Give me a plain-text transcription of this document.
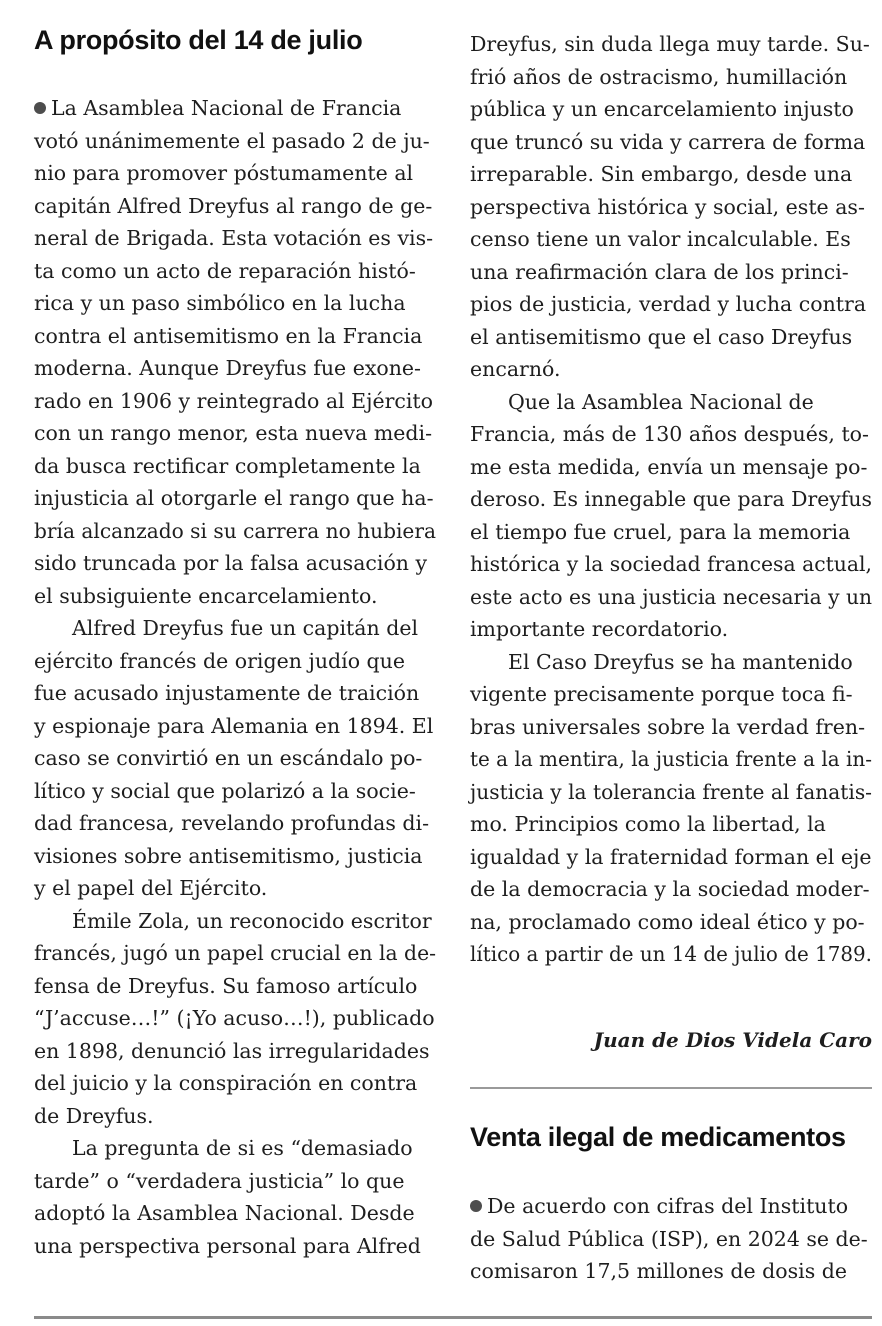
A propósito del 14 de julio
La Asamblea Nacional de Francia
votó unánimemente el pasado 2 de ju-
nio para promover póstumamente al
capitán Alfred Dreyfus al rango de ge-
neral de Brigada. Esta votación es vis-
ta como un acto de reparación histó-
rica y un paso simbólico en la lucha
contra el antisemitismo en la Francia
moderna. Aunque Dreyfus fue exone-
rado en 1906 y reintegrado al Ejército
con un rango menor, esta nueva medi-
da busca rectificar completamente la
injusticia al otorgarle el rango que ha-
bría alcanzado si su carrera no hubiera
sido truncada por la falsa acusación y
el subsiguiente encarcelamiento.
Alfred Dreyfus fue un capitán del
ejército francés de origen judío que
fue acusado injustamente de traición
y espionaje para Alemania en 1894. El
caso se convirtió en un escándalo po-
lítico y social que polarizó a la socie-
dad francesa, revelando profundas di-
visiones sobre antisemitismo, justicia
y el papel del Ejército.
Émile Zola, un reconocido escritor
francés, jugó un papel crucial en la de-
fensa de Dreyfus. Su famoso artículo
“J’accuse…!” (¡Yo acuso…!), publicado
en 1898, denunció las irregularidades
del juicio y la conspiración en contra
de Dreyfus.
La pregunta de si es “demasiado
tarde” o “verdadera justicia” lo que
adoptó la Asamblea Nacional. Desde
una perspectiva personal para Alfred
Dreyfus, sin duda llega muy tarde. Su-
frió años de ostracismo, humillación
pública y un encarcelamiento injusto
que truncó su vida y carrera de forma
irreparable. Sin embargo, desde una
perspectiva histórica y social, este as-
censo tiene un valor incalculable. Es
una reafirmación clara de los princi-
pios de justicia, verdad y lucha contra
el antisemitismo que el caso Dreyfus
encarnó.
Que la Asamblea Nacional de
Francia, más de 130 años después, to-
me esta medida, envía un mensaje po-
deroso. Es innegable que para Dreyfus
el tiempo fue cruel, para la memoria
histórica y la sociedad francesa actual,
este acto es una justicia necesaria y un
importante recordatorio.
El Caso Dreyfus se ha mantenido
vigente precisamente porque toca fi-
bras universales sobre la verdad fren-
te a la mentira, la justicia frente a la in-
justicia y la tolerancia frente al fanatis-
mo. Principios como la libertad, la
igualdad y la fraternidad forman el eje
de la democracia y la sociedad moder-
na, proclamado como ideal ético y po-
lítico a partir de un 14 de julio de 1789.
Juan de Dios Videla Caro
Venta ilegal de medicamentos
De acuerdo con cifras del Instituto
de Salud Pública (ISP), en 2024 se de-
comisaron 17,5 millones de dosis de
